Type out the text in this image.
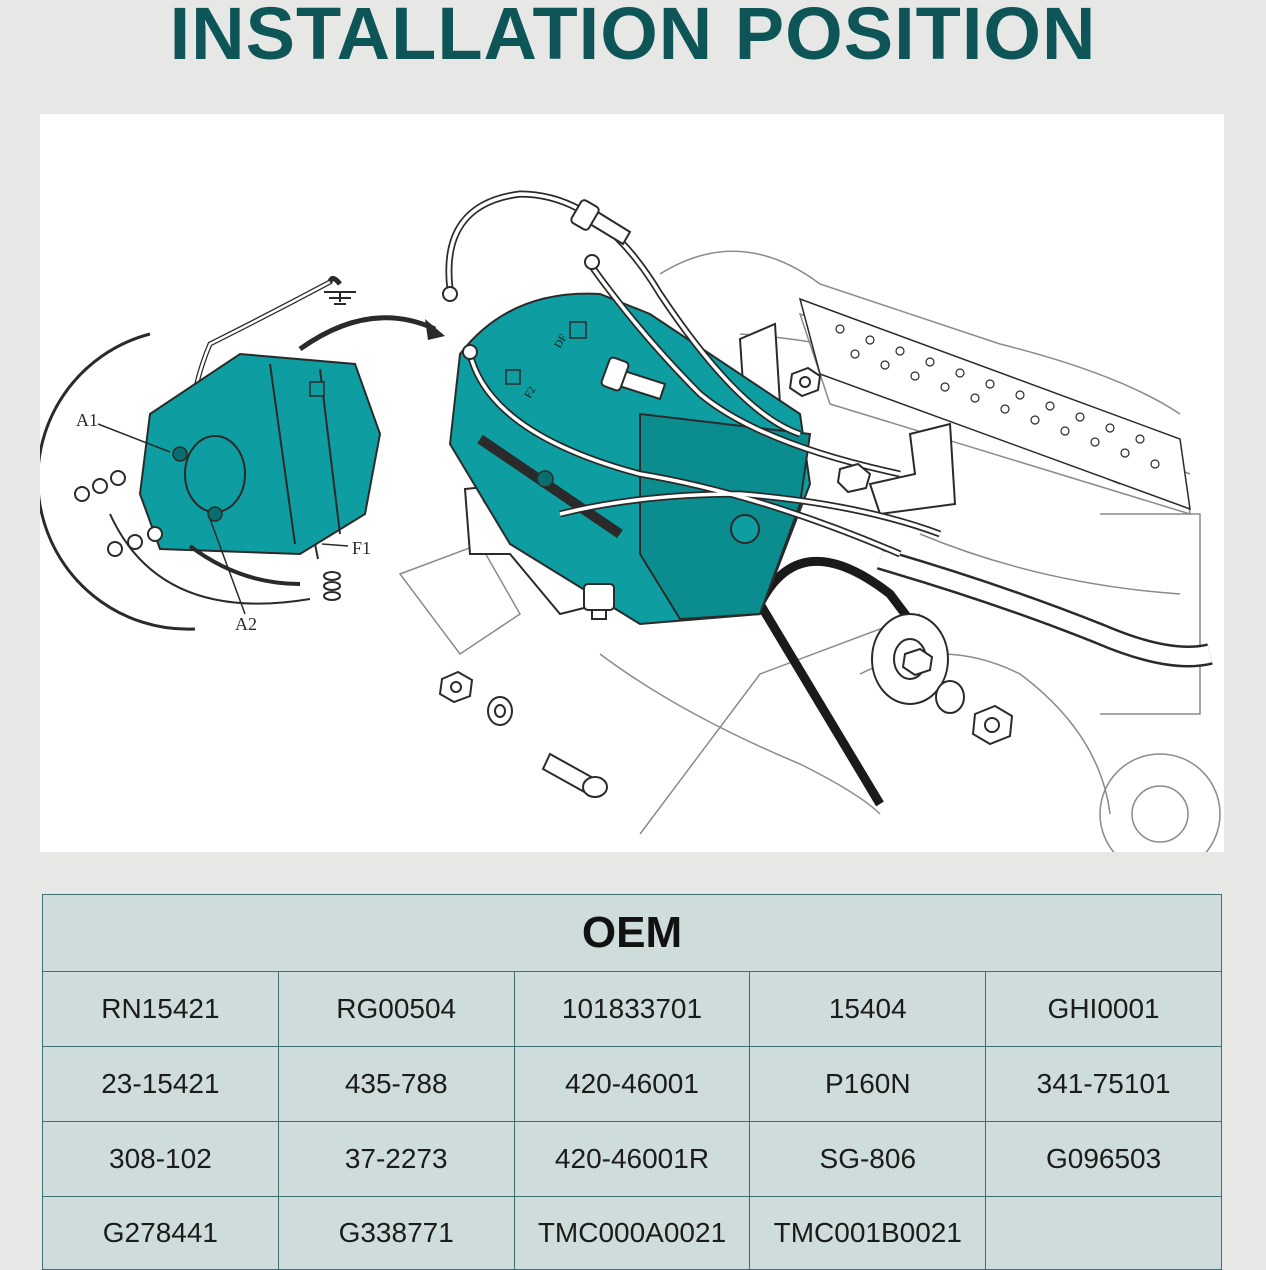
INSTALLATION POSITION
A1
A2
F1
DF
F2
OEM				
RN15421	RG00504	101833701	15404	GHI0001
23-15421	435-788	420-46001	P160N	341-75101
308-102	37-2273	420-46001R	SG-806	G096503
G278441	G338771	TMC000A0021	TMC001B0021	
